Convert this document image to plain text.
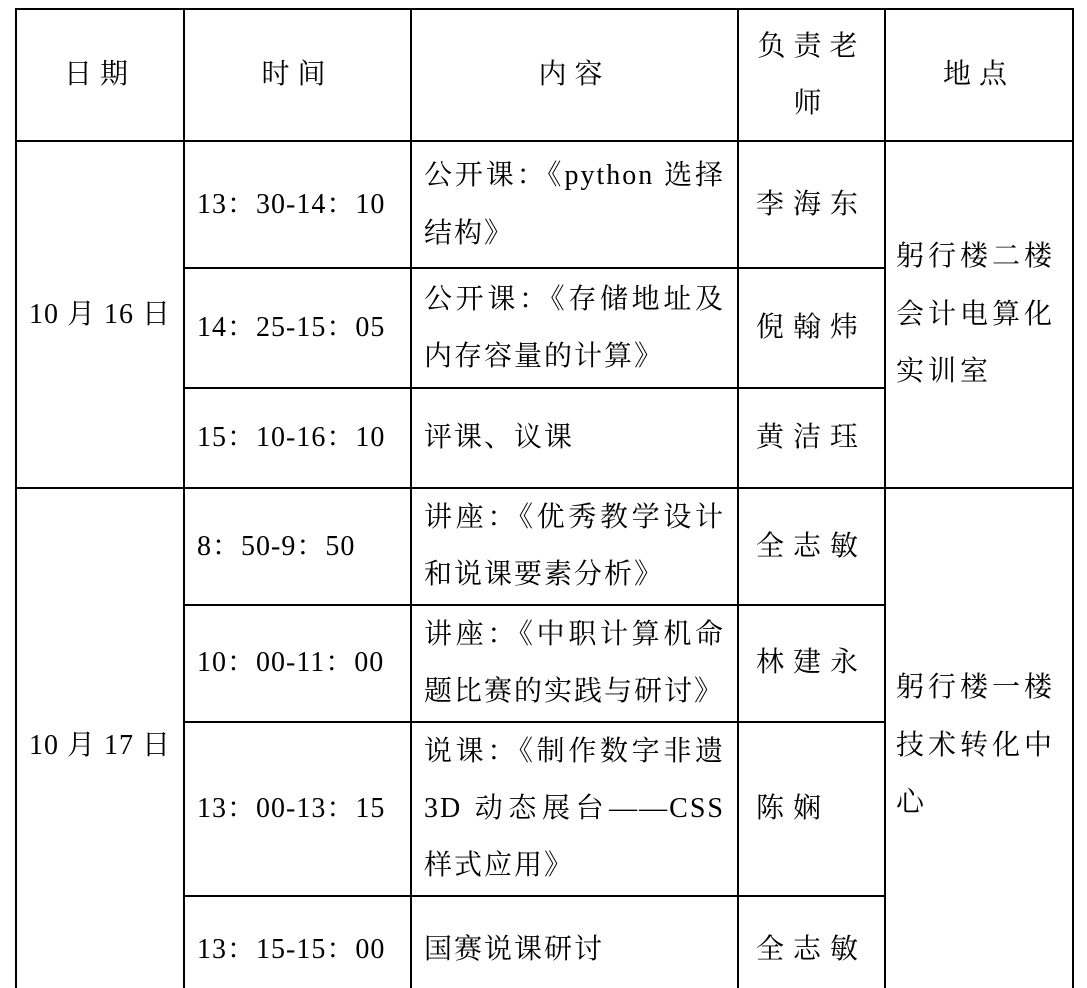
日期	时间	内容	负责老师	地点
10 月 16 日	13：30-14：10	公开课：《python 选择结构》	李海东	躬行楼二楼会计电算化实训室
	14：25-15：05	公开课：《存储地址及内存容量的计算》	倪翰炜	
	15：10-16：10	评课、议课	黄洁珏	
10 月 17 日	8：50-9：50	讲座：《优秀教学设计和说课要素分析》	全志敏	躬行楼一楼技术转化中心
	10：00-11：00	讲座：《中职计算机命题比赛的实践与研讨》	林建永	
	13：00-13：15	说课：《制作数字非遗 3D 动态展台——CSS 样式应用》	陈娴	
	13：15-15：00	国赛说课研讨	全志敏	
